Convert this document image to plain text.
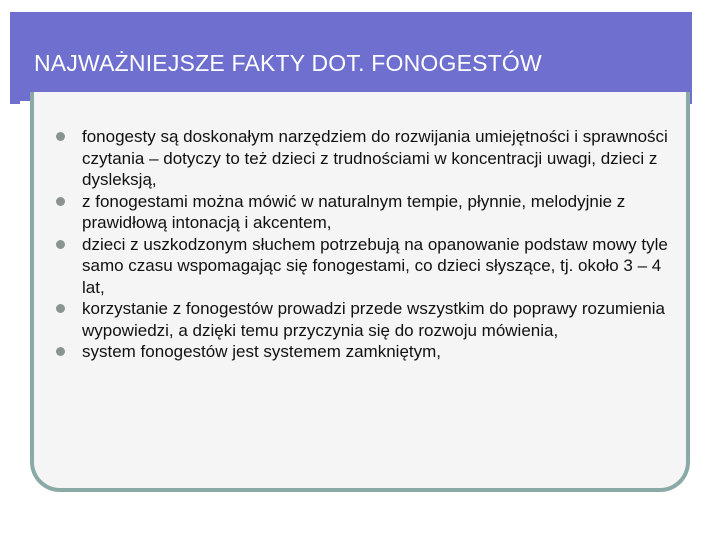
NAJWAŻNIEJSZE FAKTY DOT. FONOGESTÓW
fonogesty są doskonałym narzędziem do rozwijania umiejętności i sprawności czytania – dotyczy to też dzieci z trudnościami w koncentracji uwagi, dzieci z dysleksją,
z fonogestami można mówić w naturalnym tempie, płynnie, melodyjnie z prawidłową intonacją i akcentem,
dzieci z uszkodzonym słuchem potrzebują na opanowanie podstaw mowy tyle samo czasu wspomagając się fonogestami, co dzieci słyszące, tj. około 3 – 4 lat,
korzystanie z fonogestów prowadzi przede wszystkim do poprawy rozumienia wypowiedzi, a dzięki temu przyczynia się do rozwoju mówienia,
system fonogestów jest systemem zamkniętym,
